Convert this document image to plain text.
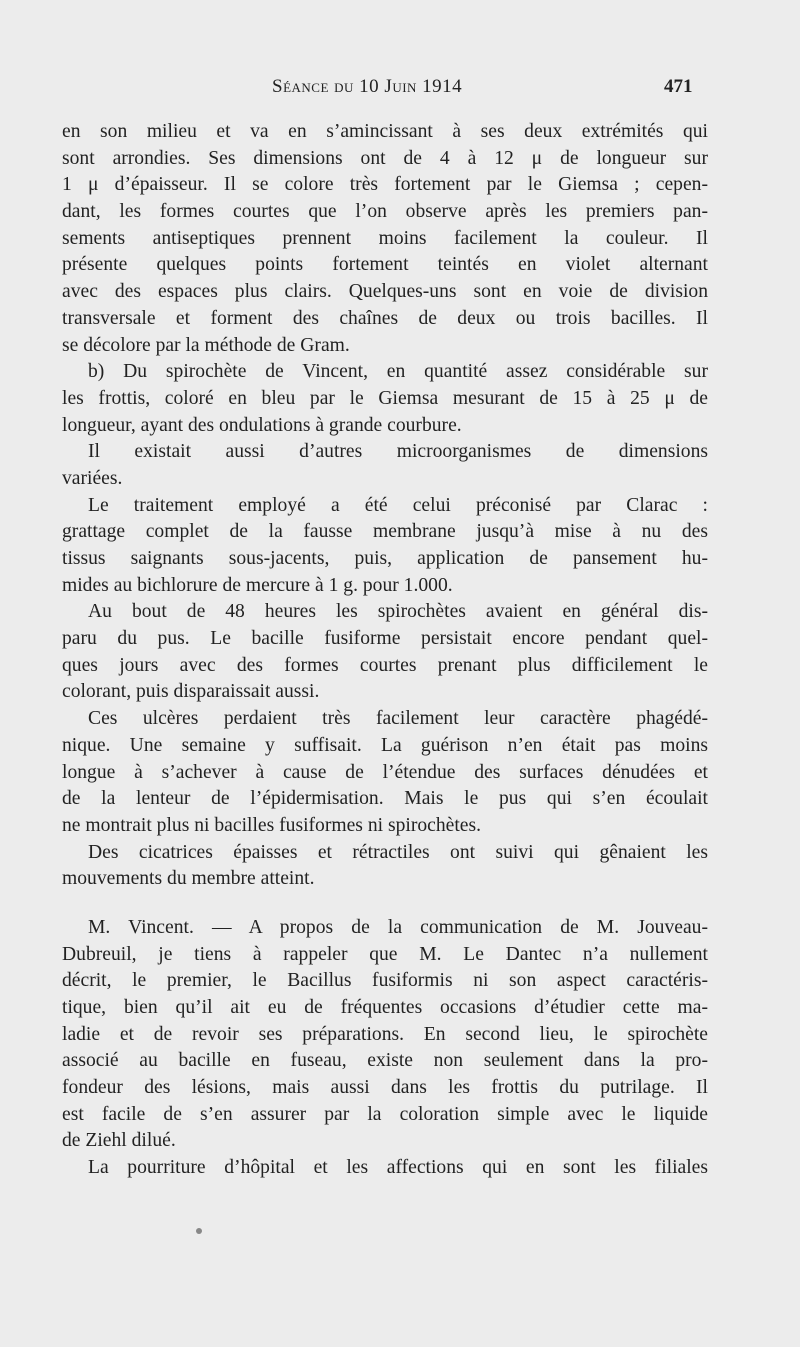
Séance du 10 Juin 1914	471
en son milieu et va en s’amincissant à ses deux extrémités qui
sont arrondies. Ses dimensions ont de 4 à 12 μ de longueur sur
1 μ d’épaisseur. Il se colore très fortement par le Giemsa ; cepen-
dant, les formes courtes que l’on observe après les premiers pan-
sements antiseptiques prennent moins facilement la couleur. Il
présente quelques points fortement teintés en violet alternant
avec des espaces plus clairs. Quelques-uns sont en voie de division
transversale et forment des chaînes de deux ou trois bacilles. Il
se décolore par la méthode de Gram.
b) Du spirochète de Vincent, en quantité assez considérable sur
les frottis, coloré en bleu par le Giemsa mesurant de 15 à 25 μ de
longueur, ayant des ondulations à grande courbure.
Il existait aussi d’autres microorganismes de dimensions
variées.
Le traitement employé a été celui préconisé par Clarac :
grattage complet de la fausse membrane jusqu’à mise à nu des
tissus saignants sous-jacents, puis, application de pansement hu-
mides au bichlorure de mercure à 1 g. pour 1.000.
Au bout de 48 heures les spirochètes avaient en général dis-
paru du pus. Le bacille fusiforme persistait encore pendant quel-
ques jours avec des formes courtes prenant plus difficilement le
colorant, puis disparaissait aussi.
Ces ulcères perdaient très facilement leur caractère phagédé-
nique. Une semaine y suffisait. La guérison n’en était pas moins
longue à s’achever à cause de l’étendue des surfaces dénudées et
de la lenteur de l’épidermisation. Mais le pus qui s’en écoulait
ne montrait plus ni bacilles fusiformes ni spirochètes.
Des cicatrices épaisses et rétractiles ont suivi qui gênaient les
mouvements du membre atteint.
M. Vincent. — A propos de la communication de M. Jouveau-
Dubreuil, je tiens à rappeler que M. Le Dantec n’a nullement
décrit, le premier, le Bacillus fusiformis ni son aspect caractéris-
tique, bien qu’il ait eu de fréquentes occasions d’étudier cette ma-
ladie et de revoir ses préparations. En second lieu, le spirochète
associé au bacille en fuseau, existe non seulement dans la pro-
fondeur des lésions, mais aussi dans les frottis du putrilage. Il
est facile de s’en assurer par la coloration simple avec le liquide
de Ziehl dilué.
La pourriture d’hôpital et les affections qui en sont les filiales
